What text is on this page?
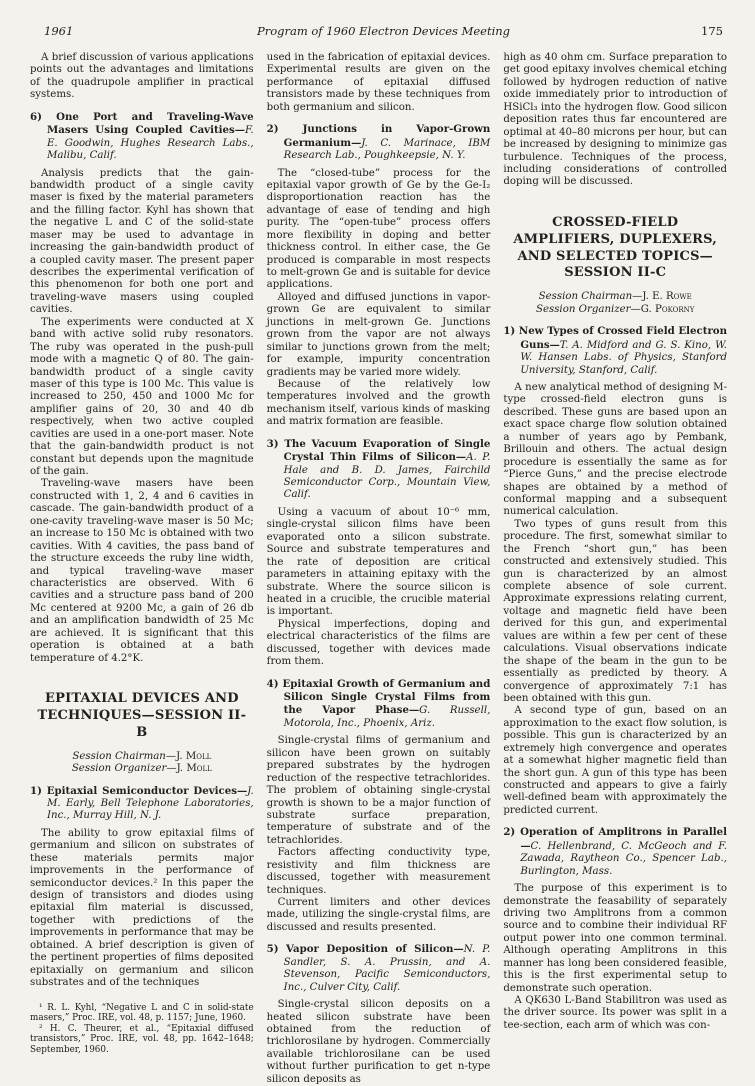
1961	Program of 1960 Electron Devices Meeting	175

A brief discussion of various applications points out the advantages and limitations of the quadrupole amplifier in practical systems.

6) One Port and Traveling-Wave Masers Using Coupled Cavities—F. E. Goodwin, Hughes Research Labs., Malibu, Calif.

Analysis predicts that the gain-bandwidth product of a single cavity maser is fixed by the material parameters and the filling factor. Kyhl has shown that the negative L and C of the solid-state maser may be used to advantage in increasing the gain-bandwidth product of a coupled cavity maser. The present paper describes the experimental verification of this phenomenon for both one port and traveling-wave masers using coupled cavities.

The experiments were conducted at X band with active solid ruby resonators. The ruby was operated in the push-pull mode with a magnetic Q of 80. The gain-bandwidth product of a single cavity maser of this type is 100 Mc. This value is increased to 250, 450 and 1000 Mc for amplifier gains of 20, 30 and 40 db respectively, when two active coupled cavities are used in a one-port maser. Note that the gain-bandwidth product is not constant but depends upon the magnitude of the gain.

Traveling-wave masers have been constructed with 1, 2, 4 and 6 cavities in cascade. The gain-bandwidth product of a one-cavity traveling-wave maser is 50 Mc; an increase to 150 Mc is obtained with two cavities. With 4 cavities, the pass band of the structure exceeds the ruby line width, and typical traveling-wave maser characteristics are observed. With 6 cavities and a structure pass band of 200 Mc centered at 9200 Mc, a gain of 26 db and an amplification bandwidth of 25 Mc are achieved. It is significant that this operation is obtained at a bath temperature of 4.2°K.

EPITAXIAL DEVICES AND TECHNIQUES—SESSION II-B

Session Chairman—J. Moll

Session Organizer—J. Moll

1) Epitaxial Semiconductor Devices—J. M. Early, Bell Telephone Laboratories, Inc., Murray Hill, N. J.

The ability to grow epitaxial films of germanium and silicon on substrates of these materials permits major improvements in the performance of semiconductor devices.² In this paper the design of transistors and diodes using epitaxial film material is discussed, together with predictions of the improvements in performance that may be obtained. A brief description is given of the pertinent properties of films deposited epitaxially on germanium and silicon substrates and of the techniques

¹ R. L. Kyhl, “Negative L and C in solid-state masers,” Proc. IRE, vol. 48, p. 1157; June, 1960.

² H. C. Theurer, et al., “Epitaxial diffused transistors,” Proc. IRE, vol. 48, pp. 1642–1648; September, 1960.

used in the fabrication of epitaxial devices. Experimental results are given on the performance of epitaxial diffused transistors made by these techniques from both germanium and silicon.

2) Junctions in Vapor-Grown Germanium—J. C. Marinace, IBM Research Lab., Poughkeepsie, N. Y.

The “closed-tube” process for the epitaxial vapor growth of Ge by the Ge-I₂ disproportionation reaction has the advantage of ease of tending and high purity. The “open-tube” process offers more flexibility in doping and better thickness control. In either case, the Ge produced is comparable in most respects to melt-grown Ge and is suitable for device applications.

Alloyed and diffused junctions in vapor-grown Ge are equivalent to similar junctions in melt-grown Ge. Junctions grown from the vapor are not always similar to junctions grown from the melt; for example, impurity concentration gradients may be varied more widely.

Because of the relatively low temperatures involved and the growth mechanism itself, various kinds of masking and matrix formation are feasible.

3) The Vacuum Evaporation of Single Crystal Thin Films of Silicon—A. P. Hale and B. D. James, Fairchild Semiconductor Corp., Mountain View, Calif.

Using a vacuum of about 10⁻⁶ mm, single-crystal silicon films have been evaporated onto a silicon substrate. Source and substrate temperatures and the rate of deposition are critical parameters in attaining epitaxy with the substrate. Where the source silicon is heated in a crucible, the crucible material is important.

Physical imperfections, doping and electrical characteristics of the films are discussed, together with devices made from them.

4) Epitaxial Growth of Germanium and Silicon Single Crystal Films from the Vapor Phase—G. Russell, Motorola, Inc., Phoenix, Ariz.

Single-crystal films of germanium and silicon have been grown on suitably prepared substrates by the hydrogen reduction of the respective tetrachlorides. The problem of obtaining single-crystal growth is shown to be a major function of substrate surface preparation, temperature of substrate and of the tetrachlorides.

Factors affecting conductivity type, resistivity and film thickness are discussed, together with measurement techniques.

Current limiters and other devices made, utilizing the single-crystal films, are discussed and results presented.

5) Vapor Deposition of Silicon—N. P. Sandler, S. A. Prussin, and A. Stevenson, Pacific Semiconductors, Inc., Culver City, Calif.

Single-crystal silicon deposits on a heated silicon substrate have been obtained from the reduction of trichlorosilane by hydrogen. Commercially available trichlorosilane can be used without further purification to get n-type silicon deposits as

high as 40 ohm cm. Surface preparation to get good epitaxy involves chemical etching followed by hydrogen reduction of native oxide immediately prior to introduction of HSiCl₃ into the hydrogen flow. Good silicon deposition rates thus far encountered are optimal at 40–80 microns per hour, but can be increased by designing to minimize gas turbulence. Techniques of the process, including considerations of controlled doping will be discussed.

CROSSED-FIELD AMPLIFIERS, DUPLEXERS, AND SELECTED TOPICS—SESSION II-C

Session Chairman—J. E. Rowe

Session Organizer—G. Pokorny

1) New Types of Crossed Field Electron Guns—T. A. Midford and G. S. Kino, W. W. Hansen Labs. of Physics, Stanford University, Stanford, Calif.

A new analytical method of designing M-type crossed-field electron guns is described. These guns are based upon an exact space charge flow solution obtained a number of years ago by Pembank, Brillouin and others. The actual design procedure is essentially the same as for “Pierce Guns,” and the precise electrode shapes are obtained by a method of conformal mapping and a subsequent numerical calculation.

Two types of guns result from this procedure. The first, somewhat similar to the French “short gun,” has been constructed and extensively studied. This gun is characterized by an almost complete absence of sole current. Approximate expressions relating current, voltage and magnetic field have been derived for this gun, and experimental values are within a few per cent of these calculations. Visual observations indicate the shape of the beam in the gun to be essentially as predicted by theory. A convergence of approximately 7:1 has been obtained with this gun.

A second type of gun, based on an approximation to the exact flow solution, is possible. This gun is characterized by an extremely high convergence and operates at a somewhat higher magnetic field than the short gun. A gun of this type has been constructed and appears to give a fairly well-defined beam with approximately the predicted current.

2) Operation of Amplitrons in Parallel—C. Hellenbrand, C. McGeoch and F. Zawada, Raytheon Co., Spencer Lab., Burlington, Mass.

The purpose of this experiment is to demonstrate the feasability of separately driving two Amplitrons from a common source and to combine their individual RF output power into one common terminal. Although operating Amplitrons in this manner has long been considered feasible, this is the first experimental setup to demonstrate such operation.

A QK630 L-Band Stabilitron was used as the driver source. Its power was split in a tee-section, each arm of which was con-
